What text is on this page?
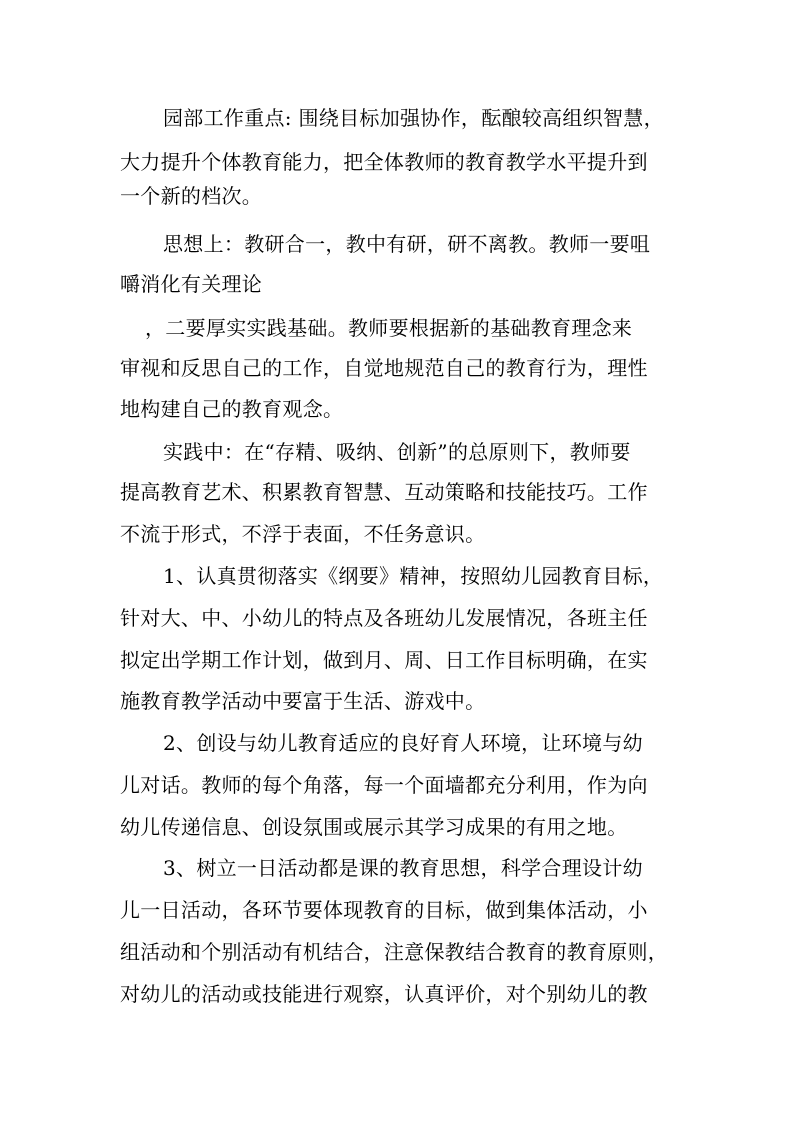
园部工作重点: 围绕目标加强协作，酝酿较高组织智慧，
大力提升个体教育能力，把全体教师的教育教学水平提升到
一个新的档次。
思想上：教研合一，教中有研，研不离教。教师一要咀
嚼消化有关理论
，二要厚实实践基础。教师要根据新的基础教育理念来
审视和反思自己的工作，自觉地规范自己的教育行为，理性
地构建自己的教育观念。
实践中：在“存精、吸纳、创新”的总原则下，教师要
提高教育艺术、积累教育智慧、互动策略和技能技巧。工作
不流于形式，不浮于表面，不任务意识。
1、认真贯彻落实《纲要》精神，按照幼儿园教育目标，
针对大、中、小幼儿的特点及各班幼儿发展情况，各班主任
拟定出学期工作计划，做到月、周、日工作目标明确，在实
施教育教学活动中要富于生活、游戏中。
2、创设与幼儿教育适应的良好育人环境，让环境与幼
儿对话。教师的每个角落，每一个面墙都充分利用，作为向
幼儿传递信息、创设氛围或展示其学习成果的有用之地。
3、树立一日活动都是课的教育思想，科学合理设计幼
儿一日活动，各环节要体现教育的目标，做到集体活动，小
组活动和个别活动有机结合，注意保教结合教育的教育原则，
对幼儿的活动或技能进行观察，认真评价，对个别幼儿的教
